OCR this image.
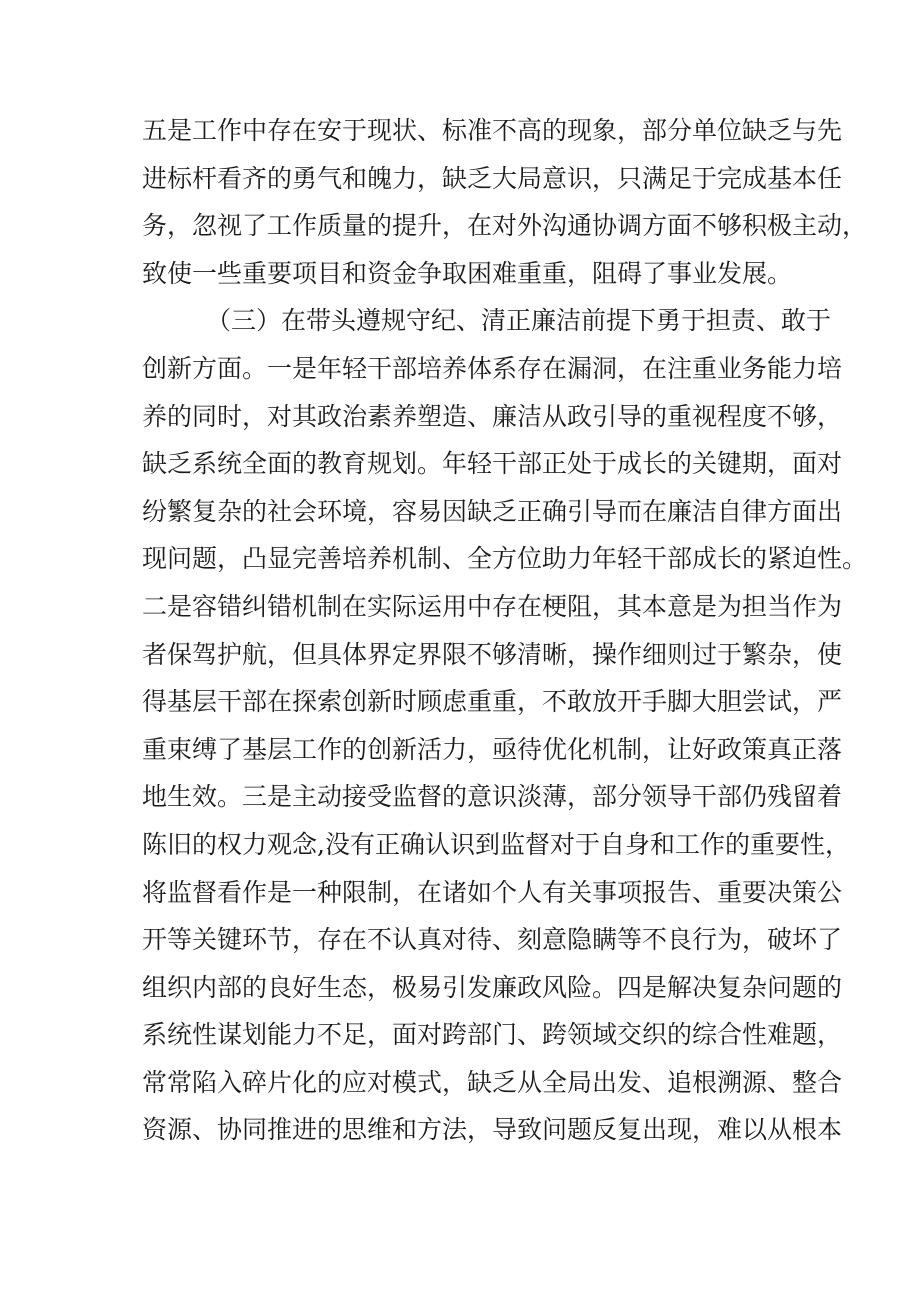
五是工作中存在安于现状、标准不高的现象，部分单位缺乏与先
进标杆看齐的勇气和魄力，缺乏大局意识，只满足于完成基本任
务，忽视了工作质量的提升，在对外沟通协调方面不够积极主动，
致使一些重要项目和资金争取困难重重，阻碍了事业发展。
（三）在带头遵规守纪、清正廉洁前提下勇于担责、敢于
创新方面。一是年轻干部培养体系存在漏洞，在注重业务能力培
养的同时，对其政治素养塑造、廉洁从政引导的重视程度不够，
缺乏系统全面的教育规划。年轻干部正处于成长的关键期，面对
纷繁复杂的社会环境，容易因缺乏正确引导而在廉洁自律方面出
现问题，凸显完善培养机制、全方位助力年轻干部成长的紧迫性。
二是容错纠错机制在实际运用中存在梗阻，其本意是为担当作为
者保驾护航，但具体界定界限不够清晰，操作细则过于繁杂，使
得基层干部在探索创新时顾虑重重，不敢放开手脚大胆尝试，严
重束缚了基层工作的创新活力，亟待优化机制，让好政策真正落
地生效。三是主动接受监督的意识淡薄，部分领导干部仍残留着
陈旧的权力观念,没有正确认识到监督对于自身和工作的重要性，
将监督看作是一种限制，在诸如个人有关事项报告、重要决策公
开等关键环节，存在不认真对待、刻意隐瞒等不良行为，破坏了
组织内部的良好生态，极易引发廉政风险。四是解决复杂问题的
系统性谋划能力不足，面对跨部门、跨领域交织的综合性难题，
常常陷入碎片化的应对模式，缺乏从全局出发、追根溯源、整合
资源、协同推进的思维和方法，导致问题反复出现，难以从根本
